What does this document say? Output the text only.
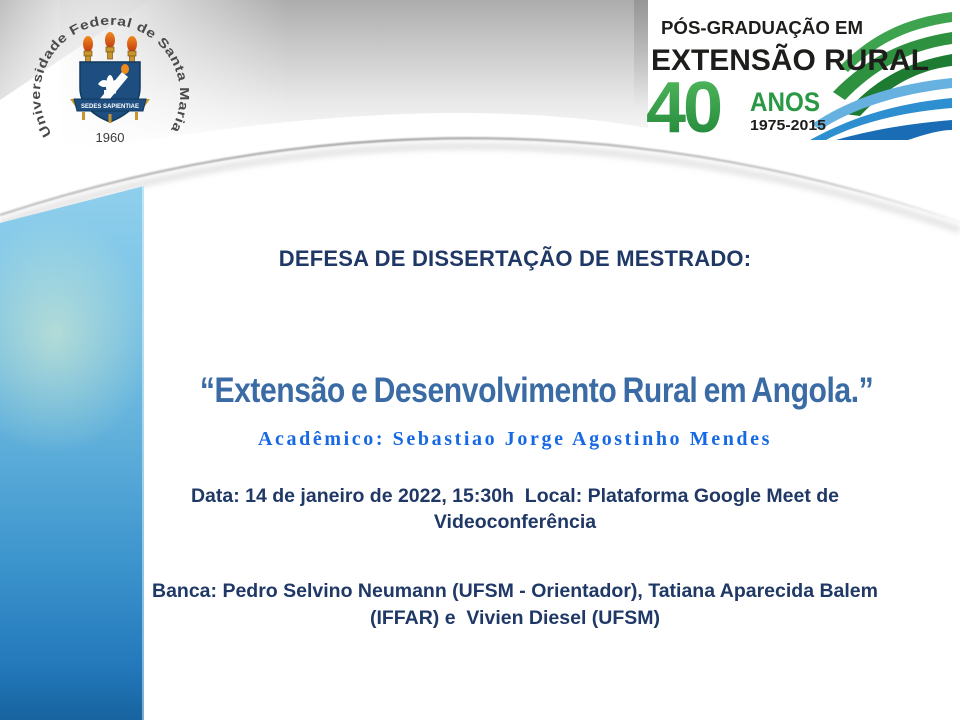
Universidade Federal de Santa Maria
SEDES SAPIENTIAE
1960
PÓS-GRADUAÇÃO EM
EXTENSÃO RURAL
40 ANOS
1975-2015
DEFESA DE DISSERTAÇÃO DE MESTRADO:

“Extensão e Desenvolvimento Rural em Angola.”

Acadêmico: Sebastiao Jorge Agostinho Mendes
Data: 14 de janeiro de 2022, 15:30h  Local: Plataforma Google Meet de Videoconferência
Banca: Pedro Selvino Neumann (UFSM - Orientador), Tatiana Aparecida Balem (IFFAR) e  Vivien Diesel (UFSM)
